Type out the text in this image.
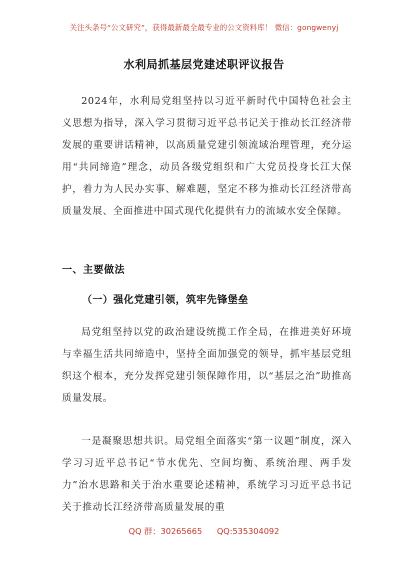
关注头条号“公文研究”，获得最新最全最专业的公文资料库！ 微信：gongwenyj
水利局抓基层党建述职评议报告

2024年，水利局党组坚持以习近平新时代中国特色社会主义思想为指导，深入学习贯彻习近平总书记关于推动长江经济带发展的重要讲话精神，以高质量党建引领流域治理管理，充分运用“共同缔造”理念，动员各级党组织和广大党员投身长江大保护，着力为人民办实事、解难题，坚定不移为推动长江经济带高质量发展、全面推进中国式现代化提供有力的流域水安全保障。

一、主要做法
（一）强化党建引领，筑牢先锋堡垒

局党组坚持以党的政治建设统揽工作全局，在推进美好环境与幸福生活共同缔造中，坚持全面加强党的领导，抓牢基层党组织这个根本，充分发挥党建引领保障作用，以“基层之治”助推高质量发展。

一是凝聚思想共识。局党组全面落实“第一议题”制度，深入学习习近平总书记“节水优先、空间均衡、系统治理、两手发力”治水思路和关于治水重要论述精神，系统学习习近平总书记关于推动长江经济带高质量发展的重

QQ 群：30265665 QQ:535304092
